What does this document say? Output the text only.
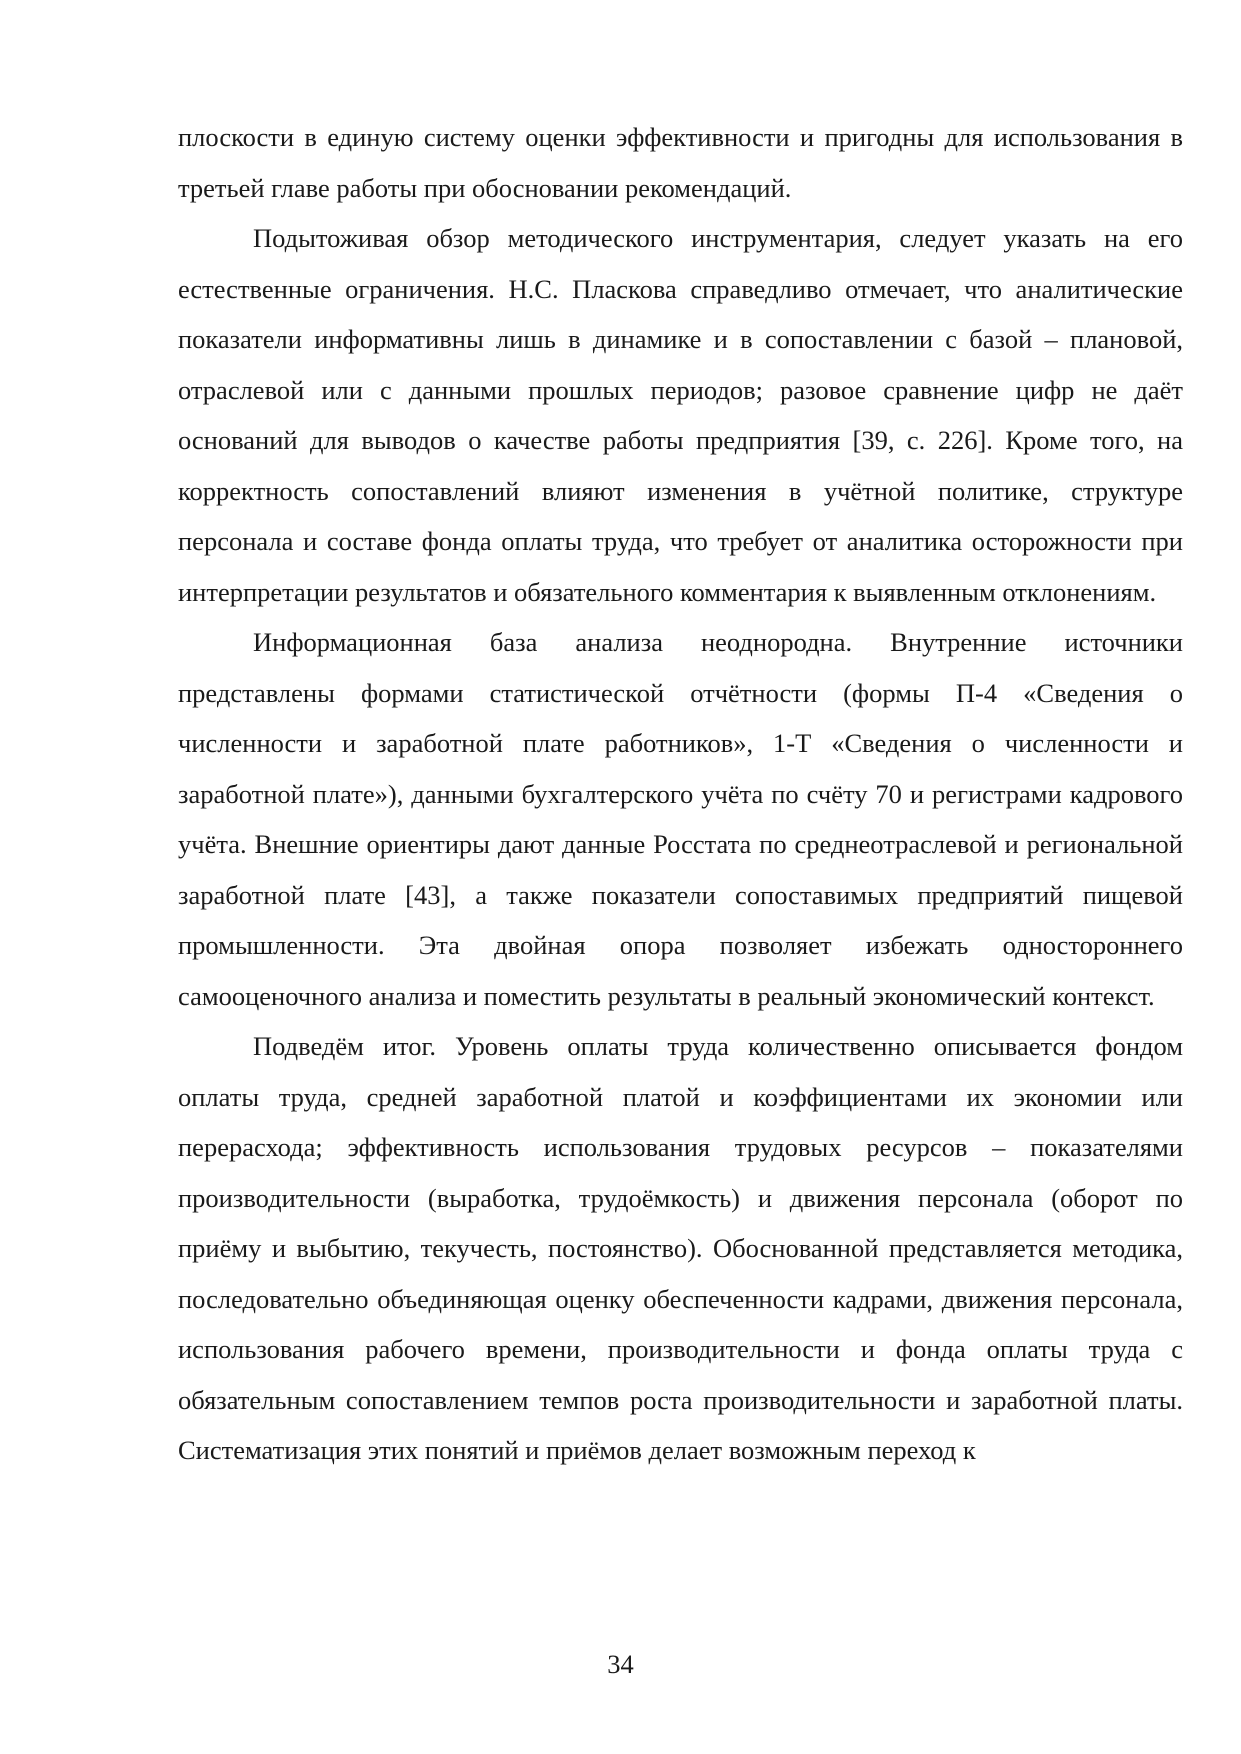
плоскости в единую систему оценки эффективности и пригодны для использования в третьей главе работы при обосновании рекомендаций.

Подытоживая обзор методического инструментария, следует указать на его естественные ограничения. Н.С. Пласкова справедливо отмечает, что аналитические показатели информативны лишь в динамике и в сопоставлении с базой – плановой, отраслевой или с данными прошлых периодов; разовое сравнение цифр не даёт оснований для выводов о качестве работы предприятия [39, с. 226]. Кроме того, на корректность сопоставлений влияют изменения в учётной политике, структуре персонала и составе фонда оплаты труда, что требует от аналитика осторожности при интерпретации результатов и обязательного комментария к выявленным отклонениям.

Информационная база анализа неоднородна. Внутренние источники представлены формами статистической отчётности (формы П-4 «Сведения о численности и заработной плате работников», 1-Т «Сведения о численности и заработной плате»), данными бухгалтерского учёта по счёту 70 и регистрами кадрового учёта. Внешние ориентиры дают данные Росстата по среднеотраслевой и региональной заработной плате [43], а также показатели сопоставимых предприятий пищевой промышленности. Эта двойная опора позволяет избежать одностороннего самооценочного анализа и поместить результаты в реальный экономический контекст.

Подведём итог. Уровень оплаты труда количественно описывается фондом оплаты труда, средней заработной платой и коэффициентами их экономии или перерасхода; эффективность использования трудовых ресурсов – показателями производительности (выработка, трудоёмкость) и движения персонала (оборот по приёму и выбытию, текучесть, постоянство). Обоснованной представляется методика, последовательно объединяющая оценку обеспеченности кадрами, движения персонала, использования рабочего времени, производительности и фонда оплаты труда с обязательным сопоставлением темпов роста производительности и заработной платы. Систематизация этих понятий и приёмов делает возможным переход к

34
